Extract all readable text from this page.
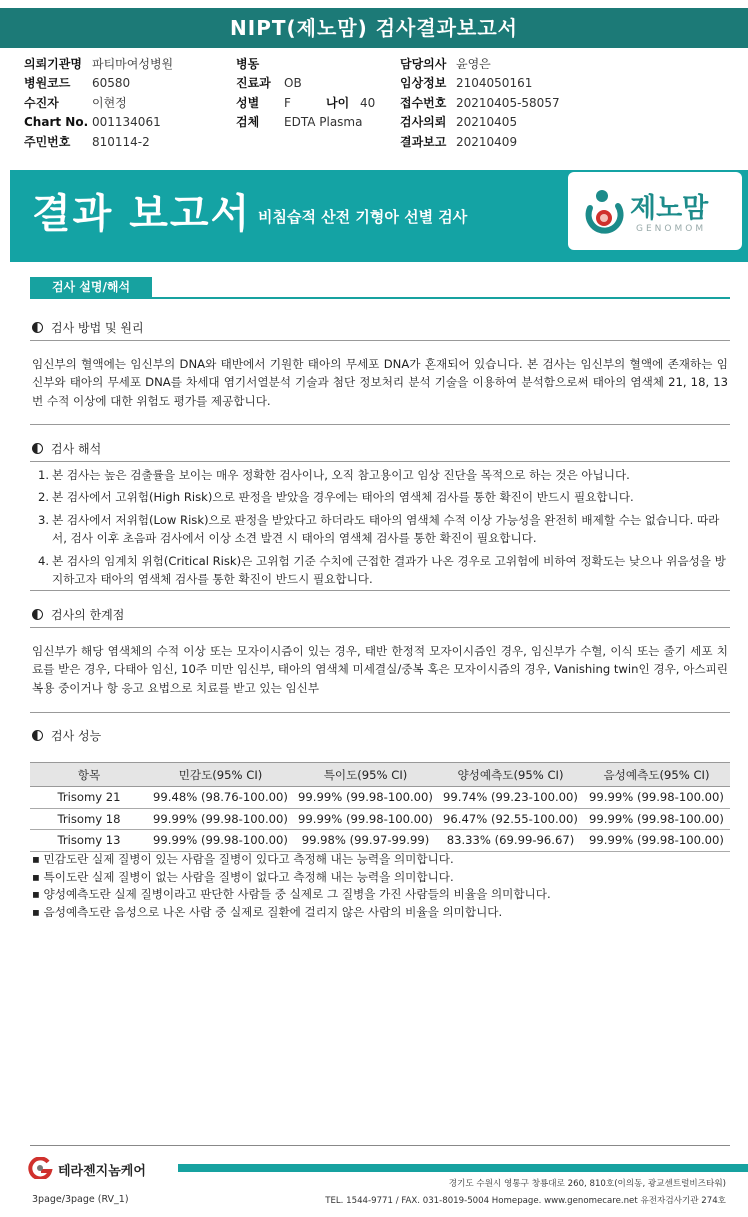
NIPT(제노맘) 검사결과보고서
의뢰기관명 파티마여성병원
병원코드 60580
수진자	이현정
Chart No. 001134061
주민번호 810114-2
병동
진료과 OB
성별 F	나이 40
검체 EDTA Plasma
담당의사 윤영은
임상정보 2104050161
접수번호 20210405-58057
검사의뢰 20210405
결과보고 20210409
결과 보고서 비침습적 산전 기형아 선별 검사	제노맘
GENOMOM
검사 설명/해석
검사 방법 및 원리
임신부의 혈액에는 임신부의 DNA와 태반에서 기원한 태아의 무세포 DNA가 혼재되어 있습니다. 본 검사는 임신부의 혈액에 존재하는 임신부와 태아의 무세포 DNA를 차세대 염기서열분석 기술과 첨단 정보처리 분석 기술을 이용하여 분석함으로써 태아의 염색체 21, 18, 13번 수적 이상에 대한 위험도 평가를 제공합니다.
검사 해석
1. 본 검사는 높은 검출률을 보이는 매우 정확한 검사이나, 오직 참고용이고 임상 진단을 목적으로 하는 것은 아닙니다.
2. 본 검사에서 고위험(High Risk)으로 판정을 받았을 경우에는 태아의 염색체 검사를 통한 확진이 반드시 필요합니다.
3. 본 검사에서 저위험(Low Risk)으로 판정을 받았다고 하더라도 태아의 염색체 수적 이상 가능성을 완전히 배제할 수는 없습니다. 따라서, 검사 이후 초음파 검사에서 이상 소견 발견 시 태아의 염색체 검사를 통한 확진이 필요합니다.
4. 본 검사의 임계치 위험(Critical Risk)은 고위험 기준 수치에 근접한 결과가 나온 경우로 고위험에 비하여 정확도는 낮으나 위음성을 방지하고자 태아의 염색체 검사를 통한 확진이 반드시 필요합니다.
검사의 한계점
임신부가 해당 염색체의 수적 이상 또는 모자이시즘이 있는 경우, 태반 한정적 모자이시즘인 경우, 임신부가 수혈, 이식 또는 줄기 세포 치료를 받은 경우, 다태아 임신, 10주 미만 임신부, 태아의 염색체 미세결실/중복 혹은 모자이시즘의 경우, Vanishing twin인 경우, 아스피린 복용 중이거나 항 응고 요법으로 치료를 받고 있는 임신부
검사 성능
항목	민감도(95% CI)	특이도(95% CI)	양성예측도(95% CI)	음성예측도(95% CI)
Trisomy 21	99.48% (98.76-100.00)	99.99% (99.98-100.00)	99.74% (99.23-100.00)	99.99% (99.98-100.00)
Trisomy 18	99.99% (99.98-100.00)	99.99% (99.98-100.00)	96.47% (92.55-100.00)	99.99% (99.98-100.00)
Trisomy 13	99.99% (99.98-100.00)	99.98% (99.97-99.99)	83.33% (69.99-96.67)	99.99% (99.98-100.00)
▪ 민감도란 실제 질병이 있는 사람을 질병이 있다고 측정해 내는 능력을 의미합니다.
▪ 특이도란 실제 질병이 없는 사람을 질병이 없다고 측정해 내는 능력을 의미합니다.
▪ 양성예측도란 실제 질병이라고 판단한 사람들 중 실제로 그 질병을 가진 사람들의 비율을 의미합니다.
▪ 음성예측도란 음성으로 나온 사람 중 실제로 질환에 걸리지 않은 사람의 비율을 의미합니다.
테라젠지놈케어
경기도 수원시 영통구 창룡대로 260, 810호(이의동, 광교센트럴비즈타워)
TEL. 1544-9771 / FAX. 031-8019-5004 Homepage. www.genomecare.net 유전자검사기관 274호
3page/3page (RV_1)
